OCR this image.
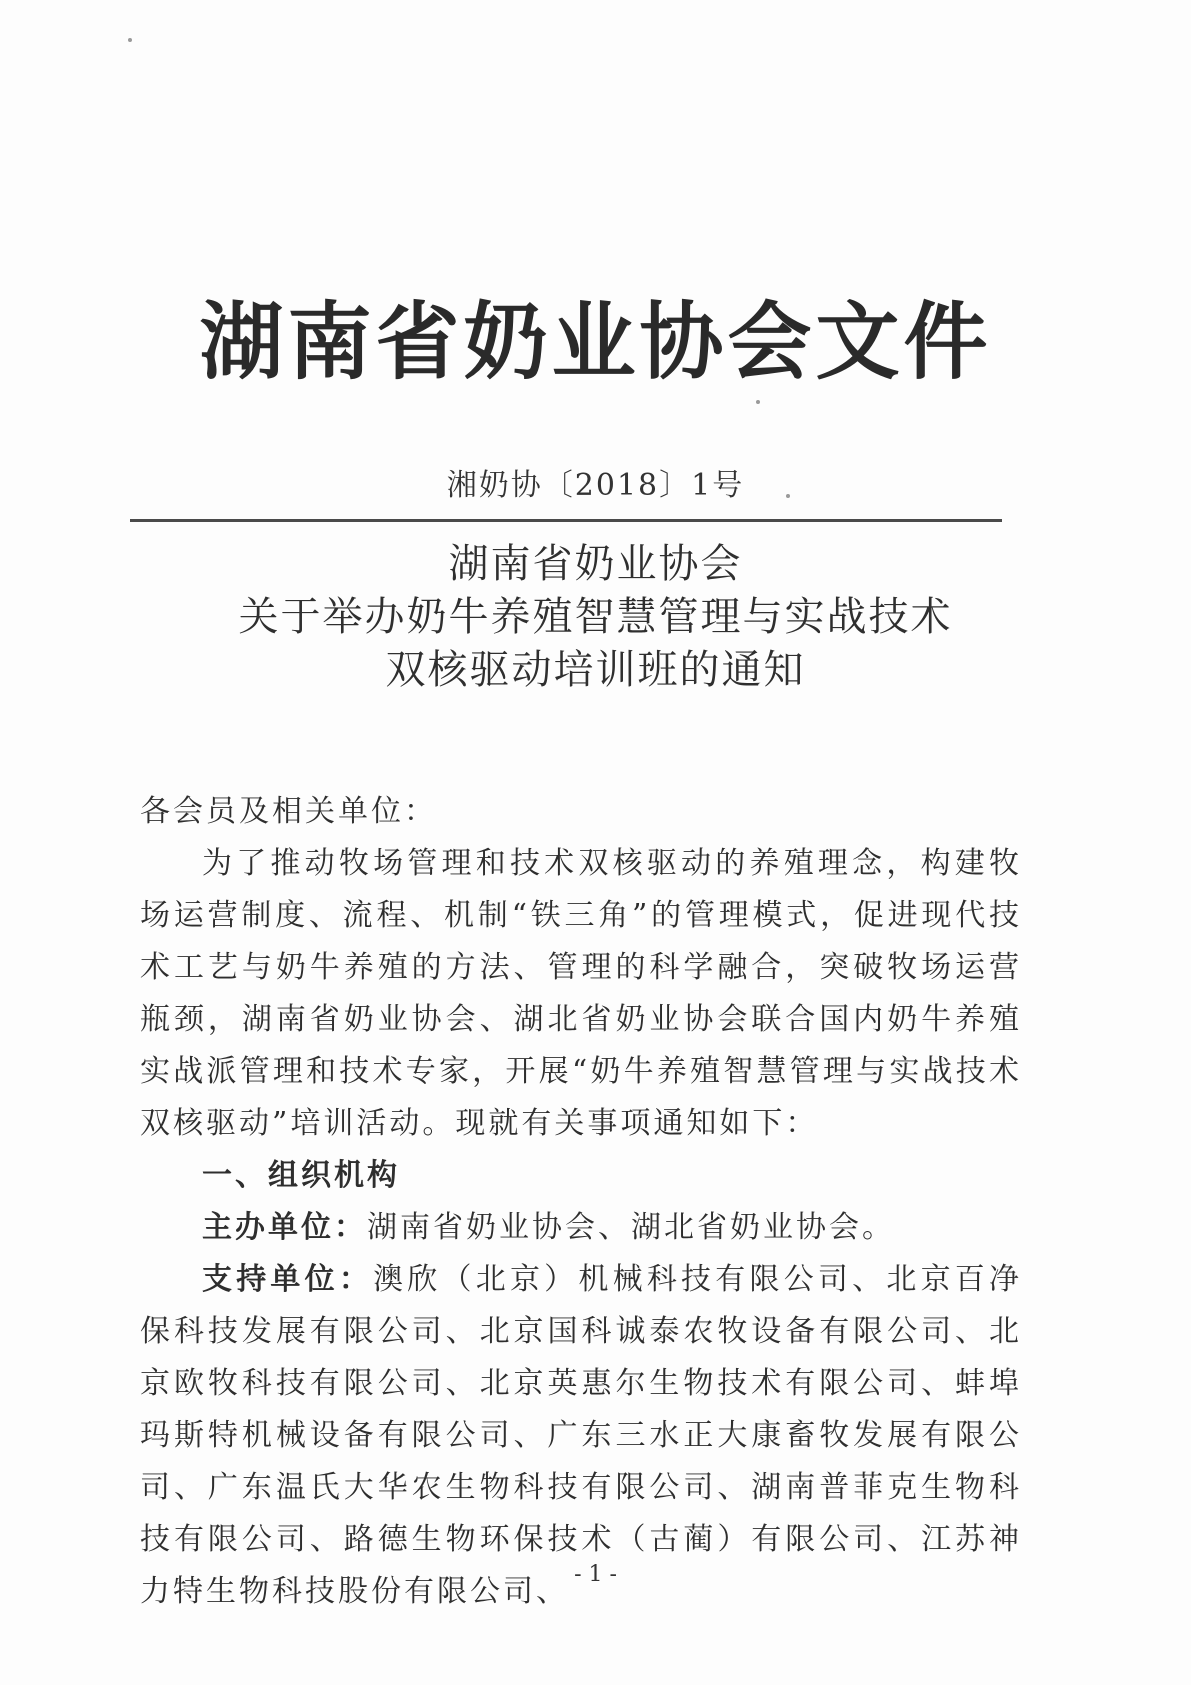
湖南省奶业协会文件
湘奶协〔2018〕1号
湖南省奶业协会
关于举办奶牛养殖智慧管理与实战技术
双核驱动培训班的通知

各会员及相关单位：

为了推动牧场管理和技术双核驱动的养殖理念，构建牧场运营制度、流程、机制“铁三角”的管理模式，促进现代技术工艺与奶牛养殖的方法、管理的科学融合，突破牧场运营瓶颈，湖南省奶业协会、湖北省奶业协会联合国内奶牛养殖实战派管理和技术专家，开展“奶牛养殖智慧管理与实战技术双核驱动”培训活动。现就有关事项通知如下：

一、组织机构

主办单位：湖南省奶业协会、湖北省奶业协会。

支持单位：澳欣（北京）机械科技有限公司、北京百净保科技发展有限公司、北京国科诚泰农牧设备有限公司、北京欧牧科技有限公司、北京英惠尔生物技术有限公司、蚌埠玛斯特机械设备有限公司、广东三水正大康畜牧发展有限公司、广东温氏大华农生物科技有限公司、湖南普菲克生物科技有限公司、路德生物环保技术（古蔺）有限公司、江苏神力特生物科技股份有限公司、 - 1 -
